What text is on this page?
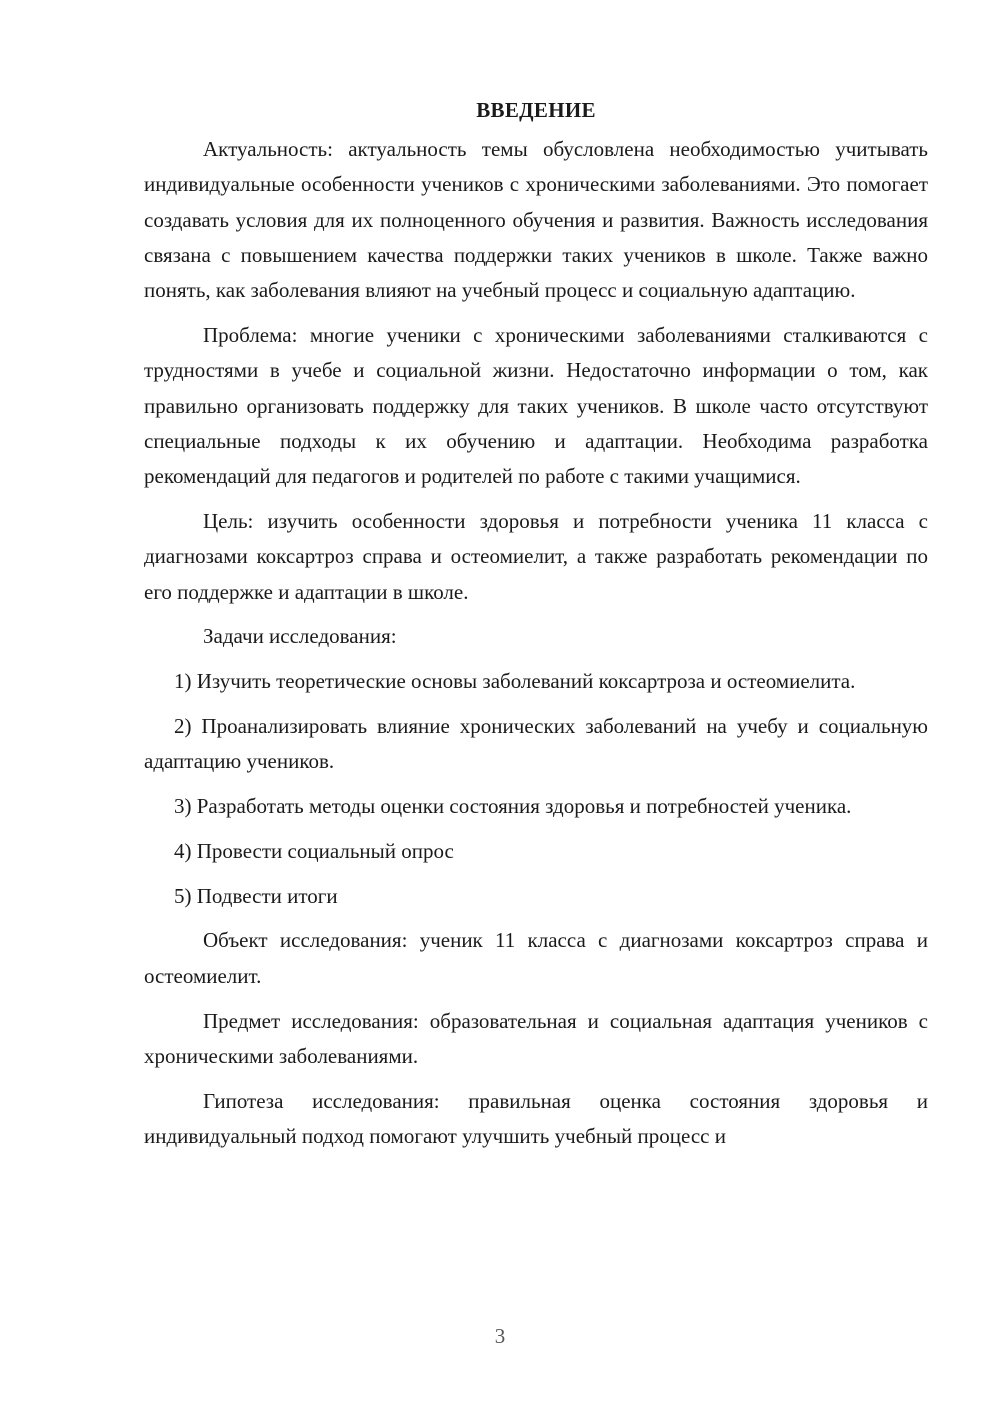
ВВЕДЕНИЕ

Актуальность: актуальность темы обусловлена необходимостью учитывать индивидуальные особенности учеников с хроническими заболеваниями. Это помогает создавать условия для их полноценного обучения и развития. Важность исследования связана с повышением качества поддержки таких учеников в школе. Также важно понять, как заболевания влияют на учебный процесс и социальную адаптацию.

Проблема: многие ученики с хроническими заболеваниями сталкиваются с трудностями в учебе и социальной жизни. Недостаточно информации о том, как правильно организовать поддержку для таких учеников. В школе часто отсутствуют специальные подходы к их обучению и адаптации. Необходима разработка рекомендаций для педагогов и родителей по работе с такими учащимися.

Цель: изучить особенности здоровья и потребности ученика 11 класса с диагнозами коксартроз справа и остеомиелит, а также разработать рекомендации по его поддержке и адаптации в школе.

Задачи исследования:

1) Изучить теоретические основы заболеваний коксартроза и остеомиелита.

2) Проанализировать влияние хронических заболеваний на учебу и социальную адаптацию учеников.

3) Разработать методы оценки состояния здоровья и потребностей ученика.

4) Провести социальный опрос

5) Подвести итоги

Объект исследования: ученик 11 класса с диагнозами коксартроз справа и остеомиелит.

Предмет исследования: образовательная и социальная адаптация учеников с хроническими заболеваниями.

Гипотеза исследования: правильная оценка состояния здоровья и индивидуальный подход помогают улучшить учебный процесс и

3
